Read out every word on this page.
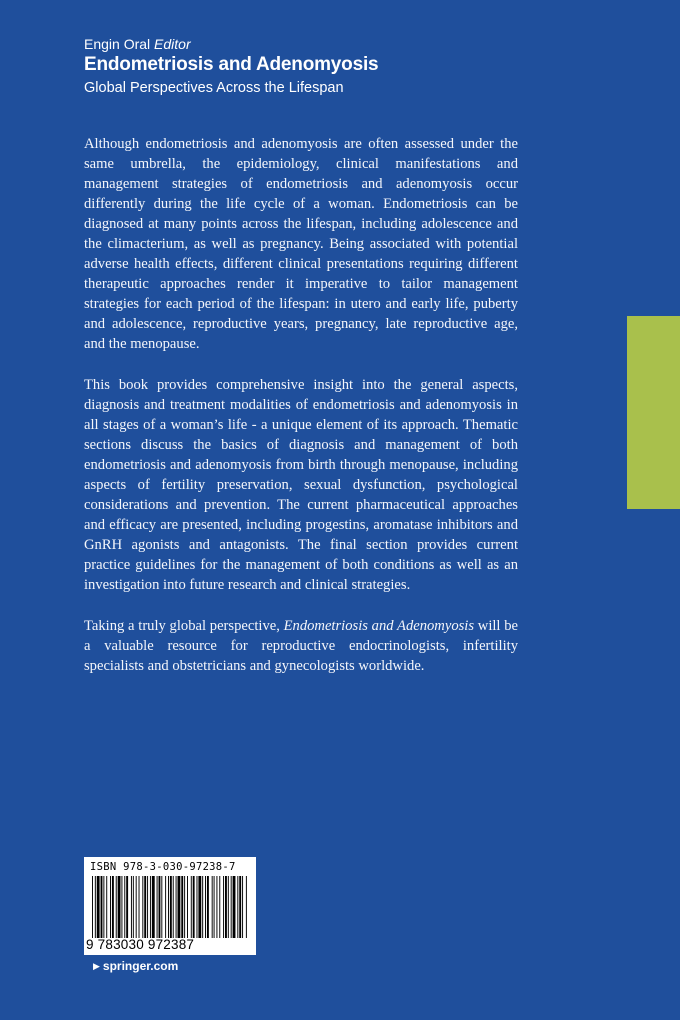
Engin Oral Editor
Endometriosis and Adenomyosis
Global Perspectives Across the Lifespan

Although endometriosis and adenomyosis are often assessed under the same umbrella, the epidemiology, clinical manifestations and management strategies of endometriosis and adenomyosis occur differently during the life cycle of a woman. Endometriosis can be diagnosed at many points across the lifespan, including adolescence and the climacterium, as well as pregnancy. Being associated with potential adverse health effects, different clinical presentations requiring different therapeutic approaches render it imperative to tailor management strategies for each period of the lifespan: in utero and early life, puberty and adolescence, reproductive years, pregnancy, late reproductive age, and the menopause.

This book provides comprehensive insight into the general aspects, diagnosis and treatment modalities of endometriosis and adenomyosis in all stages of a woman’s life - a unique element of its approach. Thematic sections discuss the basics of diagnosis and management of both endometriosis and adenomyosis from birth through menopause, including aspects of fertility preservation, sexual dysfunction, psychological considerations and prevention. The current pharmaceutical approaches and efficacy are presented, including progestins, aromatase inhibitors and GnRH agonists and antagonists. The final section provides current practice guidelines for the management of both conditions as well as an investigation into future research and clinical strategies.

Taking a truly global perspective, Endometriosis and Adenomyosis will be a valuable resource for reproductive endocrinologists, infertility specialists and obstetricians and gynecologists worldwide.

ISBN 978-3-030-97238-7
9 783030 972387
▶ springer.com
